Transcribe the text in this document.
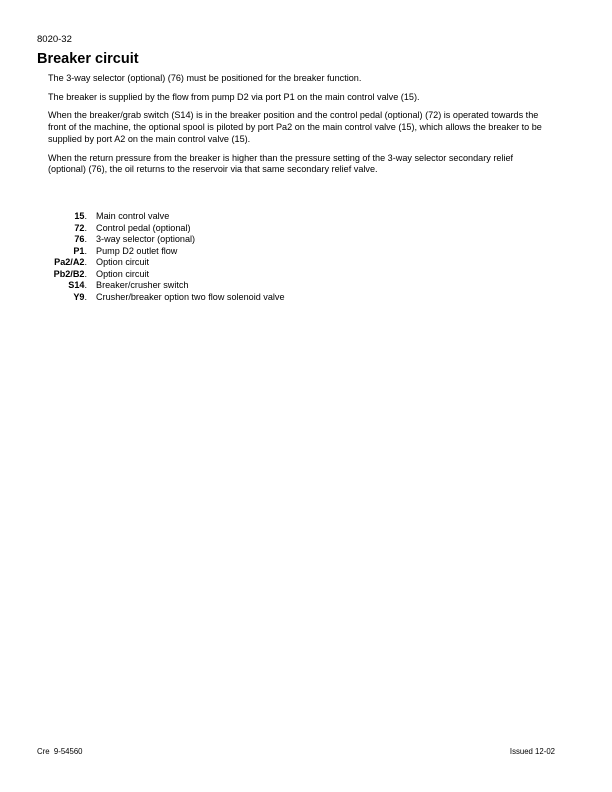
8020-32
Breaker circuit

The 3-way selector (optional) (76) must be positioned for the breaker function.

The breaker is supplied by the flow from pump D2 via port P1 on the main control valve (15).

When the breaker/grab switch (S14) is in the breaker position and the control pedal (optional) (72) is operated towards the front of the machine, the optional spool is piloted by port Pa2 on the main control valve (15), which allows the breaker to be supplied by port A2 on the main control valve (15).

When the return pressure from the breaker is higher than the pressure setting of the 3-way selector secondary relief (optional) (76), the oil returns to the reservoir via that same secondary relief valve.

15. Main control valve
72. Control pedal (optional)
76. 3-way selector (optional)
P1. Pump D2 outlet flow
Pa2/A2. Option circuit
Pb2/B2. Option circuit
S14. Breaker/crusher switch
Y9. Crusher/breaker option two flow solenoid valve
Cre  9-54560	Issued 12-02
